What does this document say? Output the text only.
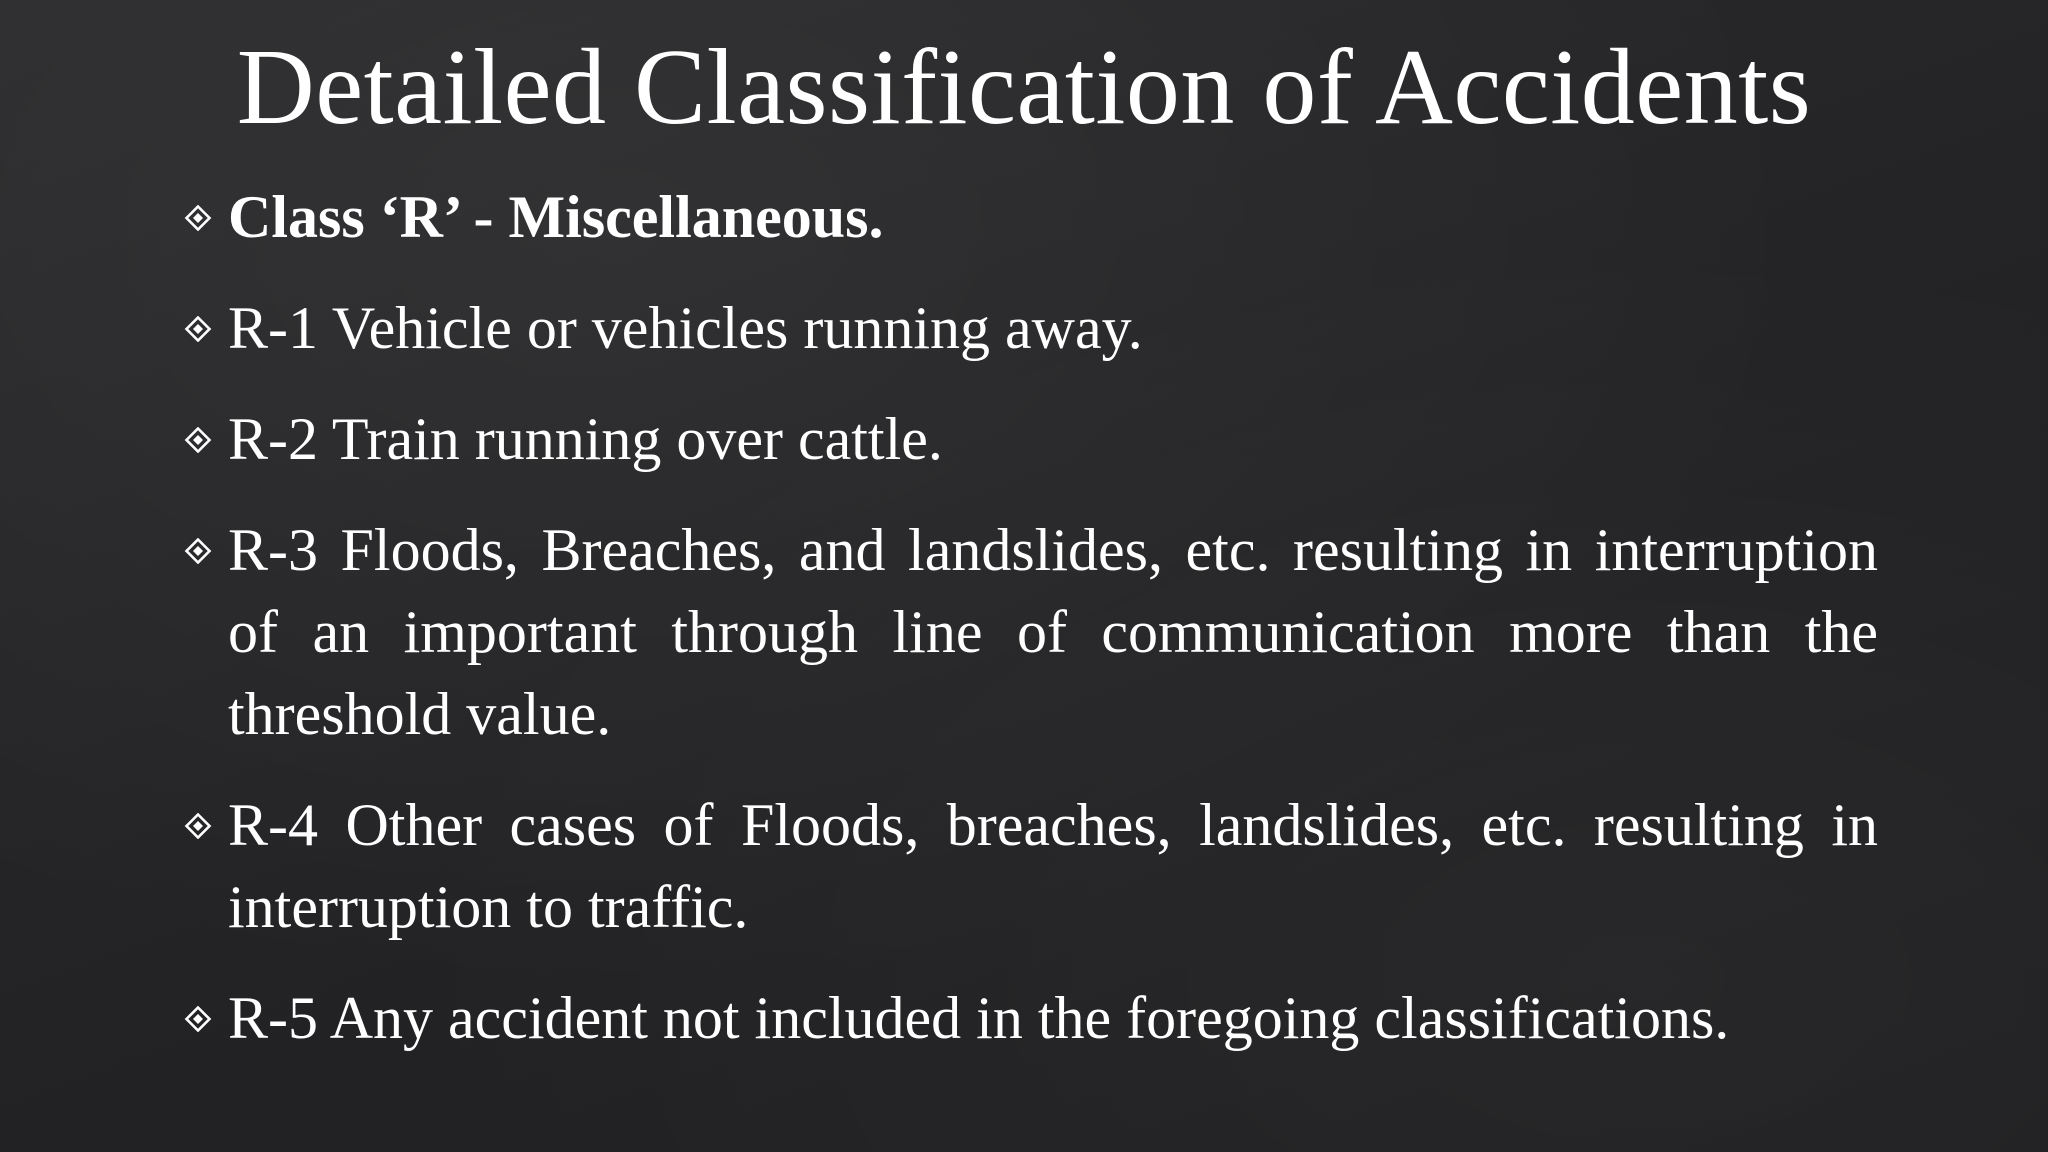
Detailed Classification of Accidents
Class ‘R’ - Miscellaneous.
R-1 Vehicle or vehicles running away.
R-2 Train running over cattle.
R-3 Floods, Breaches, and landslides, etc. resulting in interruption of an important through line of communication more than the threshold value.
R-4 Other cases of Floods, breaches, landslides, etc. resulting in interruption to traffic.
R-5 Any accident not included in the foregoing classifications.
